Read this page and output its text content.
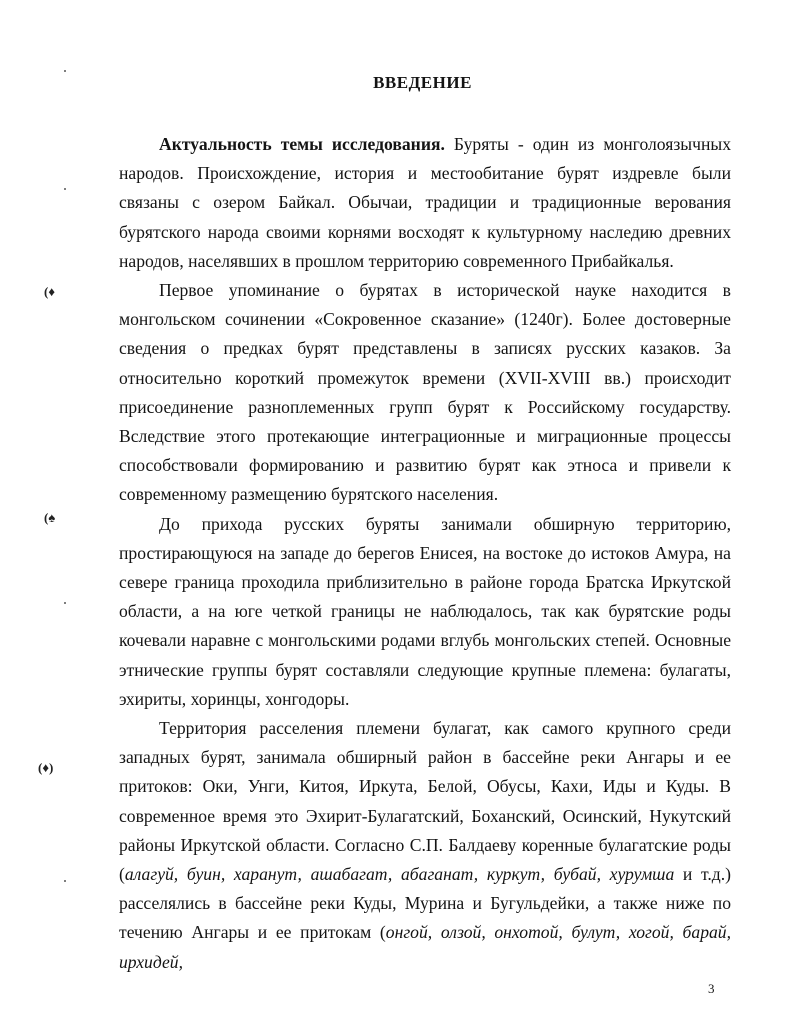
(♦
(♠
(♦)
ВВЕДЕНИЕ

Актуальность темы исследования. Буряты - один из монголоязычных народов. Происхождение, история и местообитание бурят издревле были связаны с озером Байкал. Обычаи, традиции и традиционные верования бурятского народа своими корнями восходят к культурному наследию древних народов, населявших в прошлом территорию современного Прибайкалья.

Первое упоминание о бурятах в исторической науке находится в монгольском сочинении «Сокровенное сказание» (1240г). Более достоверные сведения о предках бурят представлены в записях русских казаков. За относительно короткий промежуток времени (XVII-XVIII вв.) происходит присоединение разноплеменных групп бурят к Российскому государству. Вследствие этого протекающие интеграционные и миграционные процессы способствовали формированию и развитию бурят как этноса и привели к современному размещению бурятского населения.

До прихода русских буряты занимали обширную территорию, простирающуюся на западе до берегов Енисея, на востоке до истоков Амура, на севере граница проходила приблизительно в районе города Братска Иркутской области, а на юге четкой границы не наблюдалось, так как бурятские роды кочевали наравне с монгольскими родами вглубь монгольских степей. Основные этнические группы бурят составляли следующие крупные племена: булагаты, эхириты, хоринцы, хонгодоры.

Территория расселения племени булагат, как самого крупного среди западных бурят, занимала обширный район в бассейне реки Ангары и ее притоков: Оки, Унги, Китоя, Иркута, Белой, Обусы, Кахи, Иды и Куды. В современное время это Эхирит-Булагатский, Боханский, Осинский, Нукутский районы Иркутской области. Согласно С.П. Балдаеву коренные булагатские роды (алагуй, буин, харанут, ашабагат, абаганат, куркут, бубай, хурумша и т.д.) расселялись в бассейне реки Куды, Мурина и Бугульдейки, а также ниже по течению Ангары и ее притокам (онгой, олзой, онхотой, булут, хогой, барай, ирхидей,

3
